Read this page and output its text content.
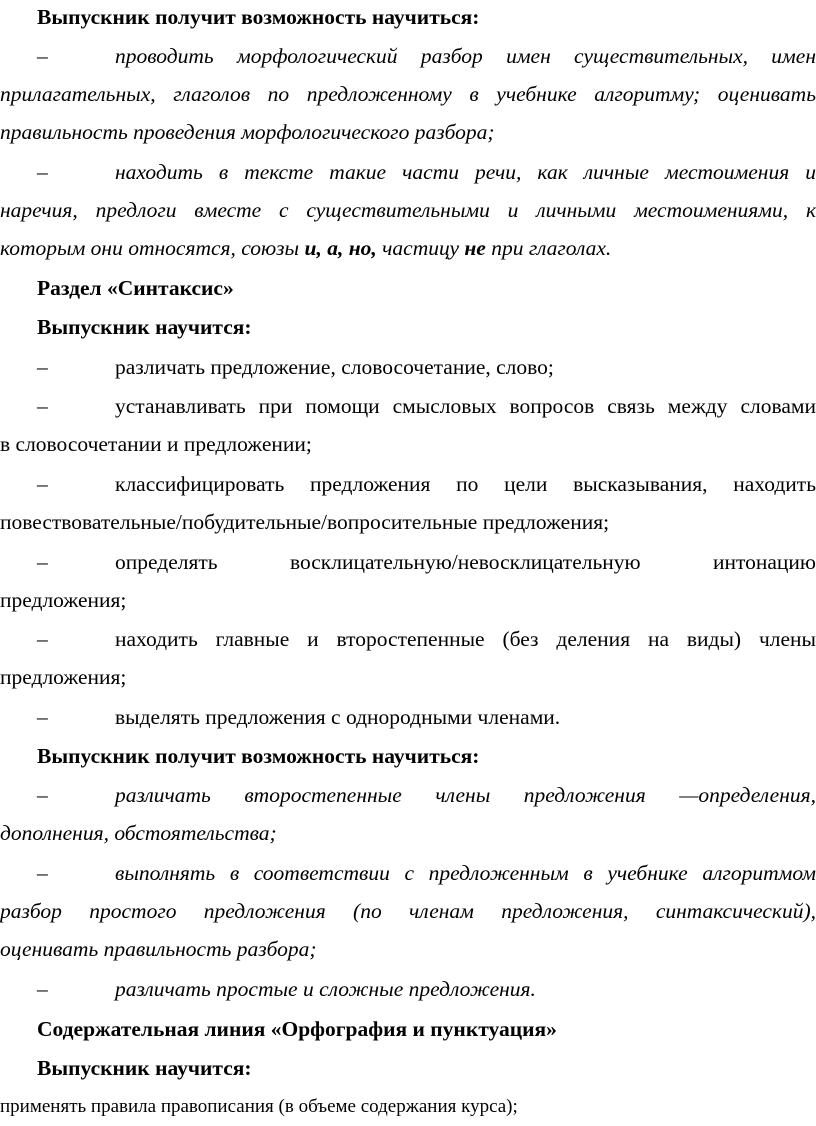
Выпускник получит возможность научиться:
–	проводить морфологический разбор имен существительных, имен
прилагательных, глаголов по предложенному в учебнике алгоритму; оценивать
правильность проведения морфологического разбора;
–	находить в тексте такие части речи, как личные местоимения и
наречия, предлоги вместе с существительными и личными местоимениями, к
которым они относятся, союзы и, а, но, частицу не при глаголах.
Раздел «Синтаксис»
Выпускник научится:
–	различать предложение, словосочетание, слово;
–	устанавливать при помощи смысловых вопросов связь между словами
в словосочетании и предложении;
–	классифицировать предложения по цели высказывания, находить
повествовательные/побудительные/вопросительные предложения;
–	определять восклицательную/невосклицательную интонацию
предложения;
–	находить главные и второстепенные (без деления на виды) члены
предложения;
–	выделять предложения с однородными членами.
Выпускник получит возможность научиться:
–	различать второстепенные члены предложения —определения,
дополнения, обстоятельства;
–	выполнять в соответствии с предложенным в учебнике алгоритмом
разбор простого предложения (по членам предложения, синтаксический),
оценивать правильность разбора;
–	различать простые и сложные предложения.
Содержательная линия «Орфография и пунктуация»
Выпускник научится:
применять правила правописания (в объеме содержания курса);
